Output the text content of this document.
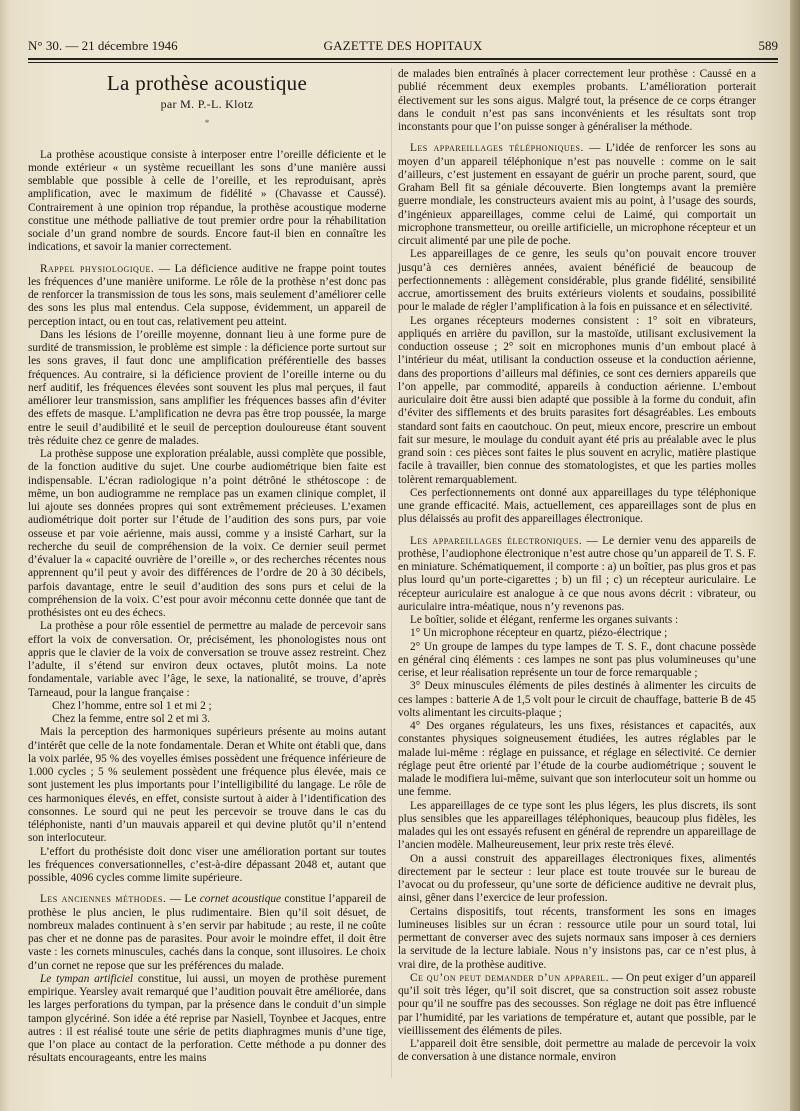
N° 30. — 21 décembre 1946	GAZETTE DES HOPITAUX	589
La prothèse acoustique
par M. P.-L. Klotz
*

La prothèse acoustique consiste à interposer entre l’oreille déficiente et le monde extérieur « un système recueillant les sons d’une manière aussi semblable que possible à celle de l’oreille, et les reproduisant, après amplification, avec le maximum de fidélité » (Chavasse et Caussé). Contrairement à une opinion trop répandue, la prothèse acoustique moderne constitue une méthode palliative de tout premier ordre pour la réhabilitation sociale d’un grand nombre de sourds. Encore faut-il bien en connaître les indications, et savoir la manier correctement.

Rappel physiologique. — La déficience auditive ne frappe point toutes les fréquences d’une manière uniforme. Le rôle de la prothèse n’est donc pas de renforcer la transmission de tous les sons, mais seulement d’améliorer celle des sons les plus mal entendus. Cela suppose, évidemment, un appareil de perception intact, ou en tout cas, relativement peu atteint.

Dans les lésions de l’oreille moyenne, donnant lieu à une forme pure de surdité de transmission, le problème est simple : la déficience porte surtout sur les sons graves, il faut donc une amplification préférentielle des basses fréquences. Au contraire, si la déficience provient de l’oreille interne ou du nerf auditif, les fréquences élevées sont souvent les plus mal perçues, il faut améliorer leur transmission, sans amplifier les fréquences basses afin d’éviter des effets de masque. L’amplification ne devra pas être trop poussée, la marge entre le seuil d’audibilité et le seuil de perception douloureuse étant souvent très réduite chez ce genre de malades.

La prothèse suppose une exploration préalable, aussi complète que possible, de la fonction auditive du sujet. Une courbe audiométrique bien faite est indispensable. L’écran radiologique n’a point détrôné le sthétoscope : de même, un bon audiogramme ne remplace pas un examen clinique complet, il lui ajoute ses données propres qui sont extrêmement précieuses. L’examen audiométrique doit porter sur l’étude de l’audition des sons purs, par voie osseuse et par voie aérienne, mais aussi, comme y a insisté Carhart, sur la recherche du seuil de compréhension de la voix. Ce dernier seuil permet d’évaluer la « capacité ouvrière de l’oreille », or des recherches récentes nous apprennent qu’il peut y avoir des différences de l’ordre de 20 à 30 décibels, parfois davantage, entre le seuil d’audition des sons purs et celui de la compréhension de la voix. C’est pour avoir méconnu cette donnée que tant de prothésistes ont eu des échecs.

La prothèse a pour rôle essentiel de permettre au malade de percevoir sans effort la voix de conversation. Or, précisément, les phonologistes nous ont appris que le clavier de la voix de conversation se trouve assez restreint. Chez l’adulte, il s’étend sur environ deux octaves, plutôt moins. La note fondamentale, variable avec l’âge, le sexe, la nationalité, se trouve, d’après Tarneaud, pour la langue française :

Chez l’homme, entre sol 1 et mi 2 ;

Chez la femme, entre sol 2 et mi 3.

Mais la perception des harmoniques supérieurs présente au moins autant d’intérêt que celle de la note fondamentale. Deran et White ont établi que, dans la voix parlée, 95 % des voyelles émises possèdent une fréquence inférieure de 1.000 cycles ; 5 % seulement possèdent une fréquence plus élevée, mais ce sont justement les plus importants pour l’intelligibilité du langage. Le rôle de ces harmoniques élevés, en effet, consiste surtout à aider à l’identification des consonnes. Le sourd qui ne peut les percevoir se trouve dans le cas du téléphoniste, nanti d’un mauvais appareil et qui devine plutôt qu’il n’entend son interlocuteur.

L’effort du prothésiste doit donc viser une amélioration portant sur toutes les fréquences conversationnelles, c’est-à-dire dépassant 2048 et, autant que possible, 4096 cycles comme limite supérieure.

Les anciennes méthodes. — Le cornet acoustique constitue l’appareil de prothèse le plus ancien, le plus rudimentaire. Bien qu’il soit désuet, de nombreux malades continuent à s’en servir par habitude ; au reste, il ne coûte pas cher et ne donne pas de parasites. Pour avoir le moindre effet, il doit être vaste : les cornets minuscules, cachés dans la conque, sont illusoires. Le choix d’un cornet ne repose que sur les préférences du malade.

Le tympan artificiel constitue, lui aussi, un moyen de prothèse purement empirique. Yearsley avait remarqué que l’audition pouvait être améliorée, dans les larges perforations du tympan, par la présence dans le conduit d’un simple tampon glycériné. Son idée a été reprise par Nasiell, Toynbee et Jacques, entre autres : il est réalisé toute une série de petits diaphragmes munis d’une tige, que l’on place au contact de la perforation. Cette méthode a pu donner des résultats encourageants, entre les mains

de malades bien entraînés à placer correctement leur prothèse : Caussé en a publié récemment deux exemples probants. L’amélioration porterait électivement sur les sons aigus. Malgré tout, la présence de ce corps étranger dans le conduit n’est pas sans inconvénients et les résultats sont trop inconstants pour que l’on puisse songer à généraliser la méthode.

Les appareillages téléphoniques. — L’idée de renforcer les sons au moyen d’un appareil téléphonique n’est pas nouvelle : comme on le sait d’ailleurs, c’est justement en essayant de guérir un proche parent, sourd, que Graham Bell fit sa géniale découverte. Bien longtemps avant la première guerre mondiale, les constructeurs avaient mis au point, à l’usage des sourds, d’ingénieux appareillages, comme celui de Laimé, qui comportait un microphone transmetteur, ou oreille artificielle, un microphone récepteur et un circuit alimenté par une pile de poche.

Les appareillages de ce genre, les seuls qu’on pouvait encore trouver jusqu’à ces dernières années, avaient bénéficié de beaucoup de perfectionnements : allègement considérable, plus grande fidélité, sensibilité accrue, amortissement des bruits extérieurs violents et soudains, possibilité pour le malade de régler l’amplification à la fois en puissance et en sélectivité.

Les organes récepteurs modernes consistent : 1° soit en vibrateurs, appliqués en arrière du pavillon, sur la mastoïde, utilisant exclusivement la conduction osseuse ; 2° soit en microphones munis d’un embout placé à l’intérieur du méat, utilisant la conduction osseuse et la conduction aérienne, dans des proportions d’ailleurs mal définies, ce sont ces derniers appareils que l’on appelle, par commodité, appareils à conduction aérienne. L’embout auriculaire doit être aussi bien adapté que possible à la forme du conduit, afin d’éviter des sifflements et des bruits parasites fort désagréables. Les embouts standard sont faits en caoutchouc. On peut, mieux encore, prescrire un embout fait sur mesure, le moulage du conduit ayant été pris au préalable avec le plus grand soin : ces pièces sont faites le plus souvent en acrylic, matière plastique facile à travailler, bien connue des stomatologistes, et que les parties molles tolèrent remarquablement.

Ces perfectionnements ont donné aux appareillages du type téléphonique une grande efficacité. Mais, actuellement, ces appareillages sont de plus en plus délaissés au profit des appareillages électronique.

Les appareillages électroniques. — Le dernier venu des appareils de prothèse, l’audiophone électronique n’est autre chose qu’un appareil de T. S. F. en miniature. Schématiquement, il comporte : a) un boîtier, pas plus gros et pas plus lourd qu’un porte-cigarettes ; b) un fil ; c) un récepteur auriculaire. Le récepteur auriculaire est analogue à ce que nous avons décrit : vibrateur, ou auriculaire intra-méatique, nous n’y revenons pas.

Le boîtier, solide et élégant, renferme les organes suivants :

1° Un microphone récepteur en quartz, piézo-électrique ;

2° Un groupe de lampes du type lampes de T. S. F., dont chacune possède en général cinq éléments : ces lampes ne sont pas plus volumineuses qu’une cerise, et leur réalisation représente un tour de force remarquable ;

3° Deux minuscules éléments de piles destinés à alimenter les circuits de ces lampes : batterie A de 1,5 volt pour le circuit de chauffage, batterie B de 45 volts alimentant les circuits-plaque ;

4° Des organes régulateurs, les uns fixes, résistances et capacités, aux constantes physiques soigneusement étudiées, les autres réglables par le malade lui-même : réglage en puissance, et réglage en sélectivité. Ce dernier réglage peut être orienté par l’étude de la courbe audiométrique ; souvent le malade le modifiera lui-même, suivant que son interlocuteur soit un homme ou une femme.

Les appareillages de ce type sont les plus légers, les plus discrets, ils sont plus sensibles que les appareillages téléphoniques, beaucoup plus fidèles, les malades qui les ont essayés refusent en général de reprendre un appareillage de l’ancien modèle. Malheureusement, leur prix reste très élevé.

On a aussi construit des appareillages électroniques fixes, alimentés directement par le secteur : leur place est toute trouvée sur le bureau de l’avocat ou du professeur, qu’une sorte de déficience auditive ne devrait plus, ainsi, gêner dans l’exercice de leur profession.

Certains dispositifs, tout récents, transforment les sons en images lumineuses lisibles sur un écran : ressource utile pour un sourd total, lui permettant de converser avec des sujets normaux sans imposer à ces derniers la servitude de la lecture labiale. Nous n’y insistons pas, car ce n’est plus, à vrai dire, de la prothèse auditive.

Ce qu’on peut demander d’un appareil. — On peut exiger d’un appareil qu’il soit très léger, qu’il soit discret, que sa construction soit assez robuste pour qu’il ne souffre pas des secousses. Son réglage ne doit pas être influencé par l’humidité, par les variations de température et, autant que possible, par le vieillissement des éléments de piles.

L’appareil doit être sensible, doit permettre au malade de percevoir la voix de conversation à une distance normale, environ
